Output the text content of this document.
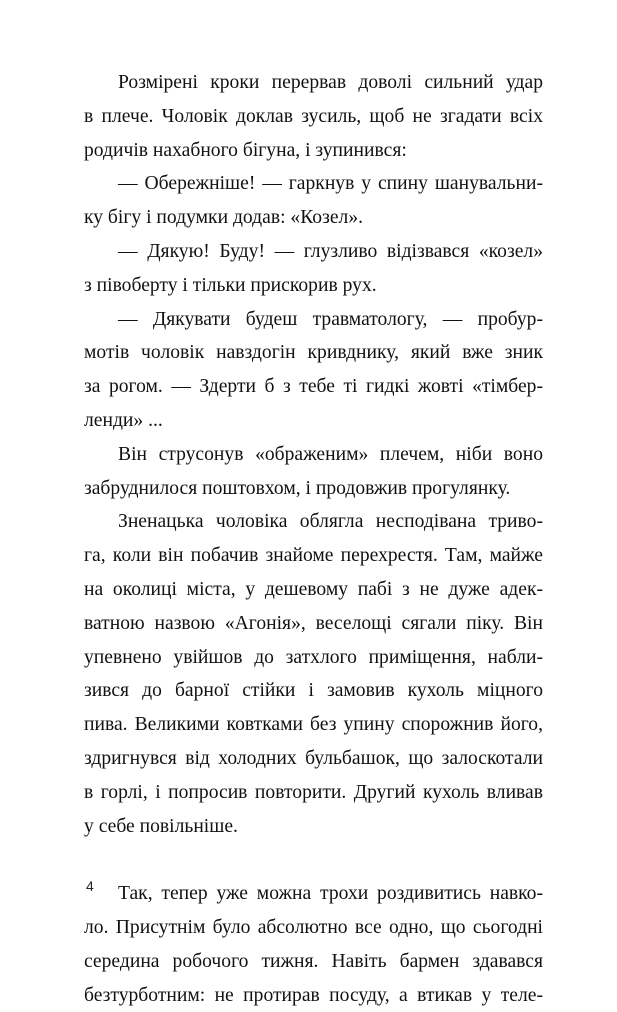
Розмірені кроки перервав доволі сильний удар
в плече. Чоловік доклав зусиль, щоб не згадати всіх
родичів нахабного бігуна, і зупинився:
— Обережніше! — гаркнув у спину шанувальни-
ку бігу і подумки додав: «Козел».
— Дякую! Буду! — глузливо відізвався «козел»
з півоберту і тільки прискорив рух.
— Дякувати будеш травматологу, — пробур-
мотів чоловік навздогін кривднику, який вже зник
за рогом. — Здерти б з тебе ті гидкі жовті «тімбер-
ленди» ...
Він струсонув «ображеним» плечем, ніби воно
забруднилося поштовхом, і продовжив прогулянку.
Зненацька чоловіка облягла несподівана триво-
га, коли він побачив знайоме перехрестя. Там, майже
на околиці міста, у дешевому пабі з не дуже адек-
ватною назвою «Агонія», веселощі сягали піку. Він
упевнено увійшов до затхлого приміщення, набли-
зився до барної стійки і замовив кухоль міцного
пива. Великими ковтками без упину спорожнив його,
здригнувся від холодних бульбашок, що залоскотали
в горлі, і попросив повторити. Другий кухоль вливав
у себе повільніше.
Так, тепер уже можна трохи роздивитись навко-
ло. Присутнім було абсолютно все одно, що сьогодні
середина робочого тижня. Навіть бармен здавався
безтурботним: не протирав посуду, а втикав у теле-
4
